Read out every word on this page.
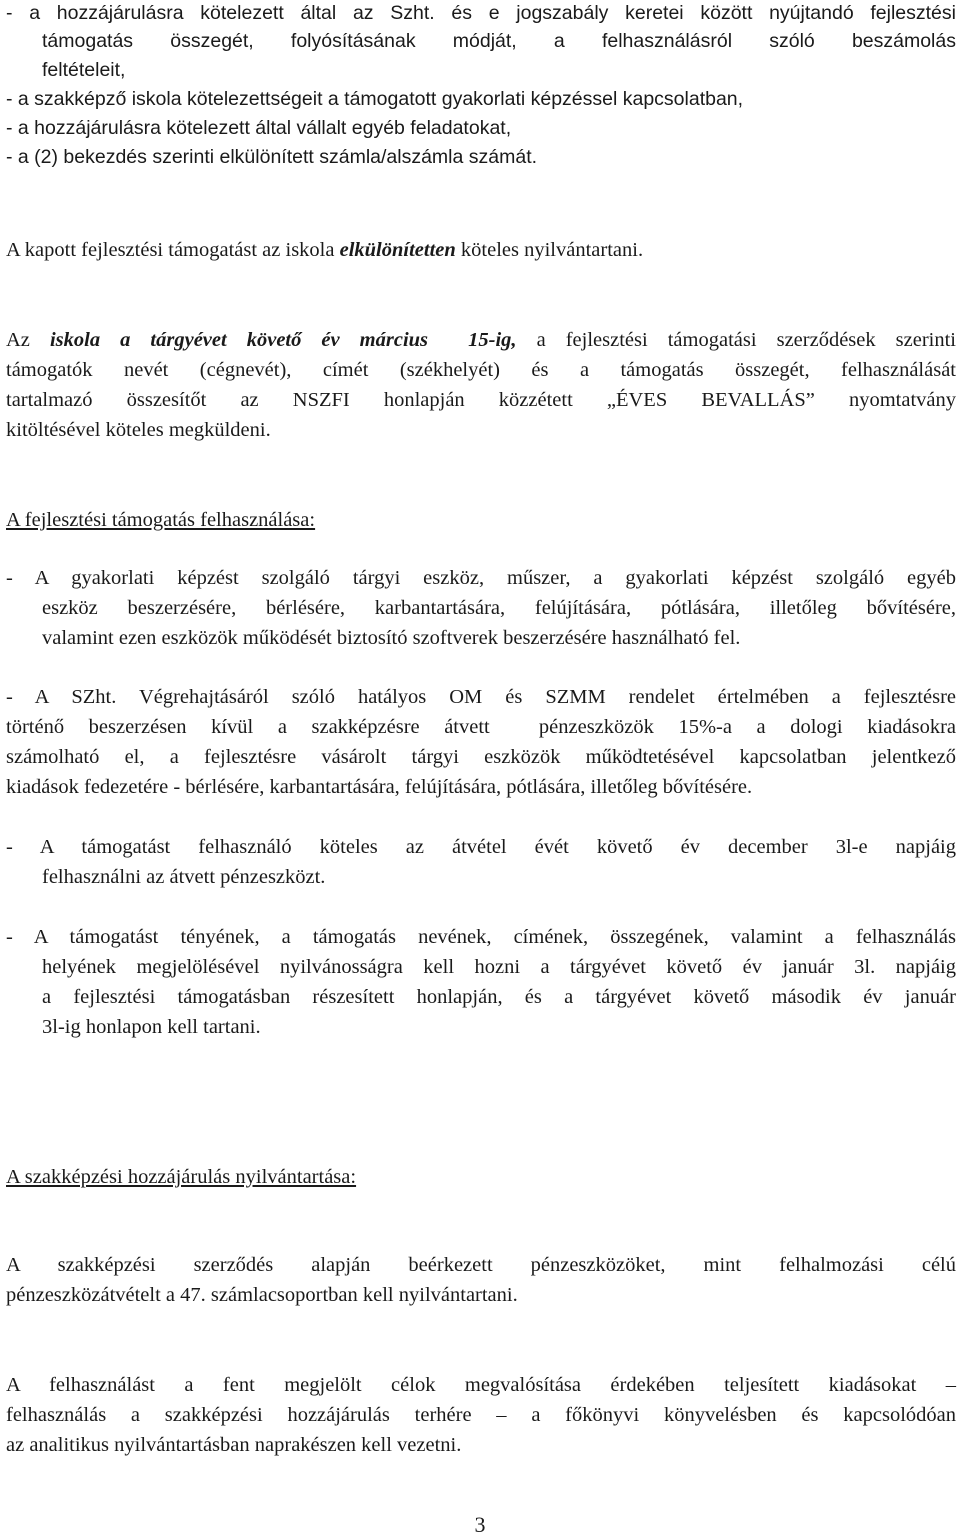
- a hozzájárulásra kötelezett által az Szht. és e jogszabály keretei között nyújtandó fejlesztési
támogatás összegét, folyósításának módját, a felhasználásról szóló beszámolás
feltételeit,
- a szakképző iskola kötelezettségeit a támogatott gyakorlati képzéssel kapcsolatban,
- a hozzájárulásra kötelezett által vállalt egyéb feladatokat,
- a (2) bekezdés szerinti elkülönített számla/alszámla számát.
A kapott fejlesztési támogatást az iskola elkülönítetten köteles nyilvántartani.
Az iskola a tárgyévet követő év március 15-ig, a fejlesztési támogatási szerződések szerinti
támogatók nevét (cégnevét), címét (székhelyét) és a támogatás összegét, felhasználását
tartalmazó összesítőt az NSZFI honlapján közzétett „ÉVES BEVALLÁS” nyomtatvány
kitöltésével köteles megküldeni.
A fejlesztési támogatás felhasználása:
- A gyakorlati képzést szolgáló tárgyi eszköz, műszer, a gyakorlati képzést szolgáló egyéb
eszköz beszerzésére, bérlésére, karbantartására, felújítására, pótlására, illetőleg bővítésére,
valamint ezen eszközök működését biztosító szoftverek beszerzésére használható fel.
- A SZht. Végrehajtásáról szóló hatályos OM és SZMM rendelet értelmében a fejlesztésre
történő beszerzésen kívül a szakképzésre átvett  pénzeszközök 15%-a a dologi kiadásokra
számolható el, a fejlesztésre vásárolt tárgyi eszközök működtetésével kapcsolatban jelentkező
kiadások fedezetére - bérlésére, karbantartására, felújítására, pótlására, illetőleg bővítésére.
- A támogatást felhasználó köteles az átvétel évét követő év december 3l-e napjáig
felhasználni az átvett pénzeszközt.
- A támogatást tényének, a támogatás nevének, címének, összegének, valamint a felhasználás
helyének megjelölésével nyilvánosságra kell hozni a tárgyévet követő év január 3l. napjáig
a fejlesztési támogatásban részesített honlapján, és a tárgyévet követő második év január
3l-ig honlapon kell tartani.
A szakképzési hozzájárulás nyilvántartása:
A szakképzési szerződés alapján beérkezett pénzeszközöket, mint felhalmozási célú
pénzeszközátvételt a 47. számlacsoportban kell nyilvántartani.
A felhasználást a fent megjelölt célok megvalósítása érdekében teljesített kiadásokat –
felhasználás a szakképzési hozzájárulás terhére – a főkönyvi könyvelésben és kapcsolódóan
az analitikus nyilvántartásban naprakészen kell vezetni.
3
